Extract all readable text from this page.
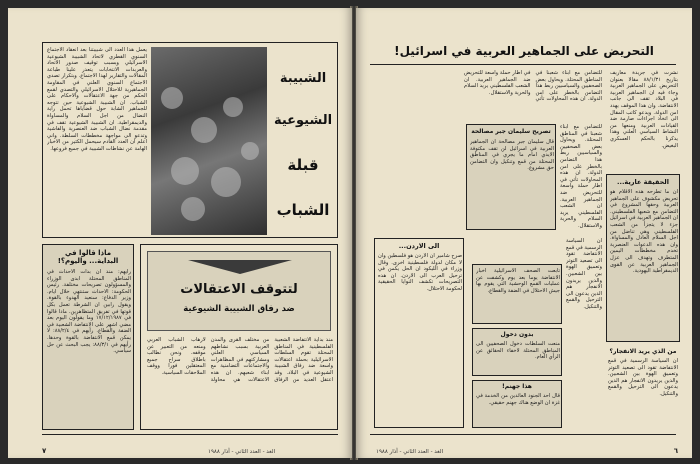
يعمل هذا العدد الى شبيبتنا بعد انعقاد الاجتماع السنوي القطري لاتحاد الشبيبة الشيوعية الاسرائيلي وبسبب توقيف صدور الاتحاد والعربدات الانتخابات يتعذر علينا طباعة المقالات والتقارير لهذا الاجتماع. وبتكرار تصدي الاجتماع السنوي العلني في المقاومة الجماهيرية للاحتلال الاسرائيلي والتصدي لقمع الحكم من جهة الاعتقالات والاحكام على الشباب. ان الشبيبة الشيوعية حين تتوجه للجماهير الشابة حول قضاياها تحمل راية النضال من اجل السلام والمساواة والديمقراطية. ان الشبيبة الشيوعية تقف في مقدمة نضال الشباب ضد العنصرية والفاشية وتدعو الى مواجهة مخططات السلطة. واني اعلم ان العدد القادم سيحمل الكثير من الاخبار الهامة عن نشاطات الشبيبة في جميع فروعها.
الشبيبة
الشيوعية
قبلة
الشباب
ماذا قالوا في
البداية... واليوم؟!
رأيهم: منذ ان بدأت الاحداث في المناطق المحتلة ابدى الوزراء والمسؤولون تصريحات مختلفة. رئيس الحكومة: الاحداث ستنتهي خلال ايام. وزير الدفاع: سنعيد الهدوء بالقوة. ويقول رابين ان الشرطة تعمل بكل قوتها في تفريق المتظاهرين. ماذا قالوا في ١٧/١٢/١٩٨٧ وما يقولون اليوم بعد مضي اشهر على الانتفاضة الشعبية في الضفة والقطاع. رأيهم في ٨٨/٢/٤: لا يمكن قمع الانتفاضة بالقوة وحدها. رأيهم في ٨٨/٣/١: يجب البحث عن حل سياسي.
لتتوقف الاعتقالات
ضد رفاق الشبيبة الشيوعية
منذ بداية الانتفاضة الشعبية الفلسطينية في المناطق المحتلة تقوم السلطات الاسرائيلية بحملة اعتقالات واسعة ضد رفاق الشبيبة الشيوعية في البلاد. وقد اعتقل العديد من الرفاق من مختلف القرى والمدن العربية بسبب نشاطهم السياسي العلني ومشاركتهم في المظاهرات والاجتماعات التضامنية مع ابناء شعبهم. ان هذه الاعتقالات هي محاولة لارهاب الشباب العربي ومنعه من التعبير عن موقفه. ونحن نطالب باطلاق سراح جميع المعتقلين فورا ووقف الملاحقات السياسية.
٧	الغد - العدد الثاني - آذار ١٩٨٨
التحريض على الجماهير العربية في اسرائيل!
نشرت في جريدة معاريف بتاريخ ٨٨/١/٣١ مقالا بعنوان التحريض على الجماهير العربية وجاء فيه ان الجماهير العربية في البلاد تقف الى جانب الانتفاضة. وان هذا الموقف يهدد امن الدولة. ويدعو كاتب المقال الى اتخاذ اجراءات صارمة ضد القيادات العربية ومنعها من النشاط السياسي العلني وهذا يذكرنا بالحكم العسكري البغيض.
الحقيقة عارية...
ان ما تطرحه هذه الاقلام هو تحريض مكشوف على الجماهير العربية وحقها المشروع في التضامن مع شعبها الفلسطيني. ان الجماهير العربية في اسرائيل جزء لا يتجزأ من الشعب الفلسطيني وهي تناضل من اجل السلام العادل والمساواة. وان هذه الدعوات العنصرية تخدم مخططات اليمين المتطرف وتهدف الى عزل الجماهير العربية عن القوى الديمقراطية اليهودية.
من الذي يريد الانفجار؟
ان السياسة الرسمية في قمع الانتفاضة تقود الى تصعيد التوتر وتعميق الهوة بين الشعبين. والذين يريدون الانفجار هم الذين يدعون الى الترحيل والقمع والتنكيل.
للتضامن مع ابناء شعبنا في المناطق المحتلة. ويحاول بعض الصحفيين والسياسيين ربط هذا التضامن بالخطر على امن الدولة. ان هذه المحاولات تأتي في اطار حملة واسعة للتحريض ضد الجماهير العربية. ان الشعب الفلسطيني يريد السلام والحرية والاستقلال.
تصريح سليمان جبر مصالحة
قال سليمان جبر مصالحة ان الجماهير العربية في اسرائيل لن تقف مكتوفة الايدي امام ما يجري في المناطق المحتلة من قمع وتنكيل وان التضامن حق مشروع.
للتضامن مع ابناء شعبنا في المناطق المحتلة. ويحاول بعض الصحفيين والسياسيين ربط هذا التضامن بالخطر على امن الدولة. ان هذه المحاولات تأتي في اطار حملة واسعة للتحريض ضد الجماهير العربية. ان الشعب الفلسطيني يريد السلام والحرية والاستقلال.
الى الاردن...
صرح شامير ان الاردن هو فلسطين وان لا مكان لدولة فلسطينية اخرى. وقال وزراء في الليكود ان الحل يكمن في ترحيل العرب الى الاردن. ان هذه التصريحات تكشف النوايا الحقيقية لحكومة الاحتلال.
تابعت الصحف الاسرائيلية اخبار الانتفاضة يوما بعد يوم وكشفت عن عمليات القمع الوحشية التي يقوم بها جيش الاحتلال في الضفة والقطاع.
بدون دخول
منعت السلطات دخول الصحفيين الى المناطق المحتلة لاخفاء الحقائق عن الرأي العام.
هذا جهنم!
قال احد الجنود العائدين من الخدمة في غزة ان الوضع هناك جهنم حقيقي.
ان السياسة الرسمية في قمع الانتفاضة تقود الى تصعيد التوتر وتعميق الهوة بين الشعبين. والذين يريدون الانفجار هم الذين يدعون الى الترحيل والقمع والتنكيل.
٦
الغد - العدد الثاني - آذار ١٩٨٨
